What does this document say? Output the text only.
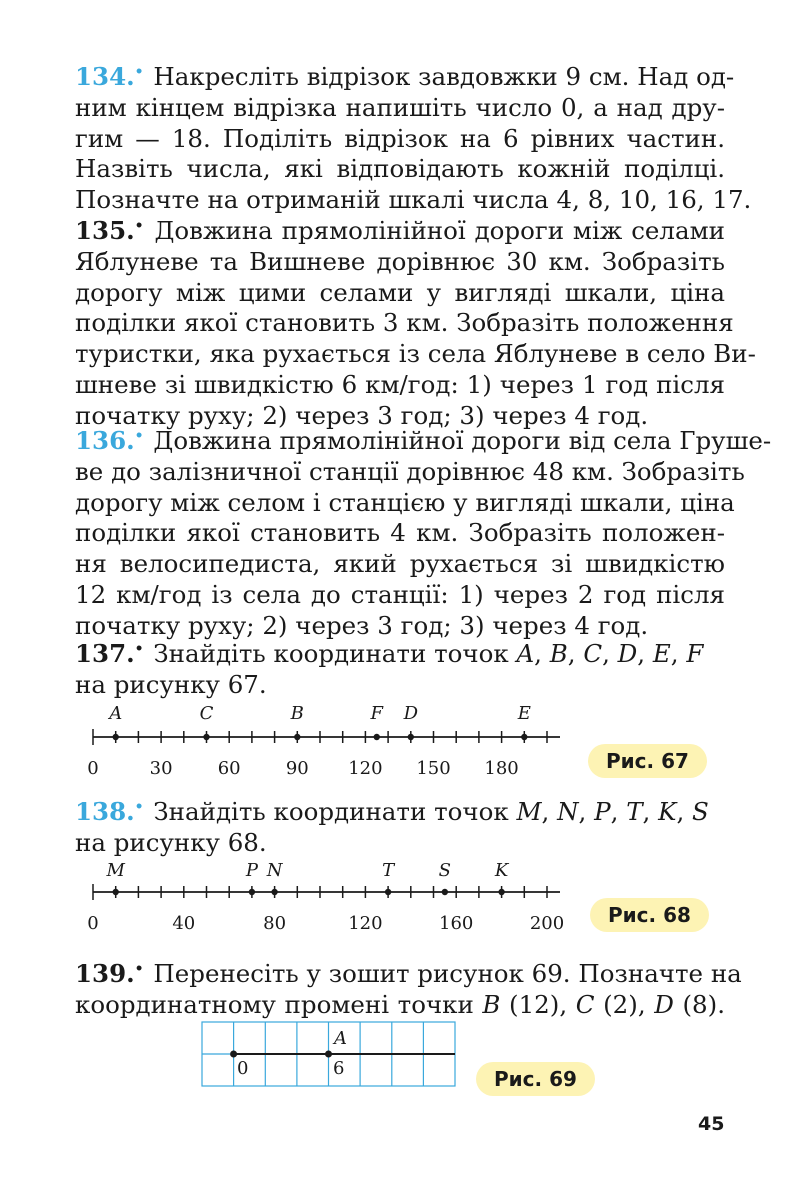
134.• Накресліть відрізок завдовжки 9 см. Над од-
ним кінцем відрізка напишіть число 0, а над дру-
гим — 18. Поділіть відрізок на 6 рівних частин.
Назвіть числа, які відповідають кожній поділці.
Позначте на отриманій шкалі числа 4, 8, 10, 16, 17.
135.• Довжина прямолінійної дороги між селами
Яблуневе та Вишневе дорівнює 30 км. Зобразіть
дорогу між цими селами у вигляді шкали, ціна
поділки якої становить 3 км. Зобразіть положення
туристки, яка рухається із села Яблуневе в село Ви-
шневе зі швидкістю 6 км/год: 1) через 1 год після
початку руху; 2) через 3 год; 3) через 4 год.
136.• Довжина прямолінійної дороги від села Груше-
ве до залізничної станції дорівнює 48 км. Зобразіть
дорогу між селом і станцією у вигляді шкали, ціна
поділки якої становить 4 км. Зобразіть положен-
ня велосипедиста, який рухається зі швидкістю
12 км/год із села до станції: 1) через 2 год після
початку руху; 2) через 3 год; 3) через 4 год.
137.• Знайдіть координати точок A, B, C, D, E, F
на рисунку 67.
0	30	60	90 120 150 180
A	C	B	F D	E
Рис. 67
138.• Знайдіть координати точок M, N, P, T, K, S
на рисунку 68.
0	40	80	120	160	200
M	P N	T S K
Рис. 68
139.• Перенесіть у зошит рисунок 69. Позначте на
координатному промені точки B (12), C (2), D (8).
A
0	6	Рис. 69
45
